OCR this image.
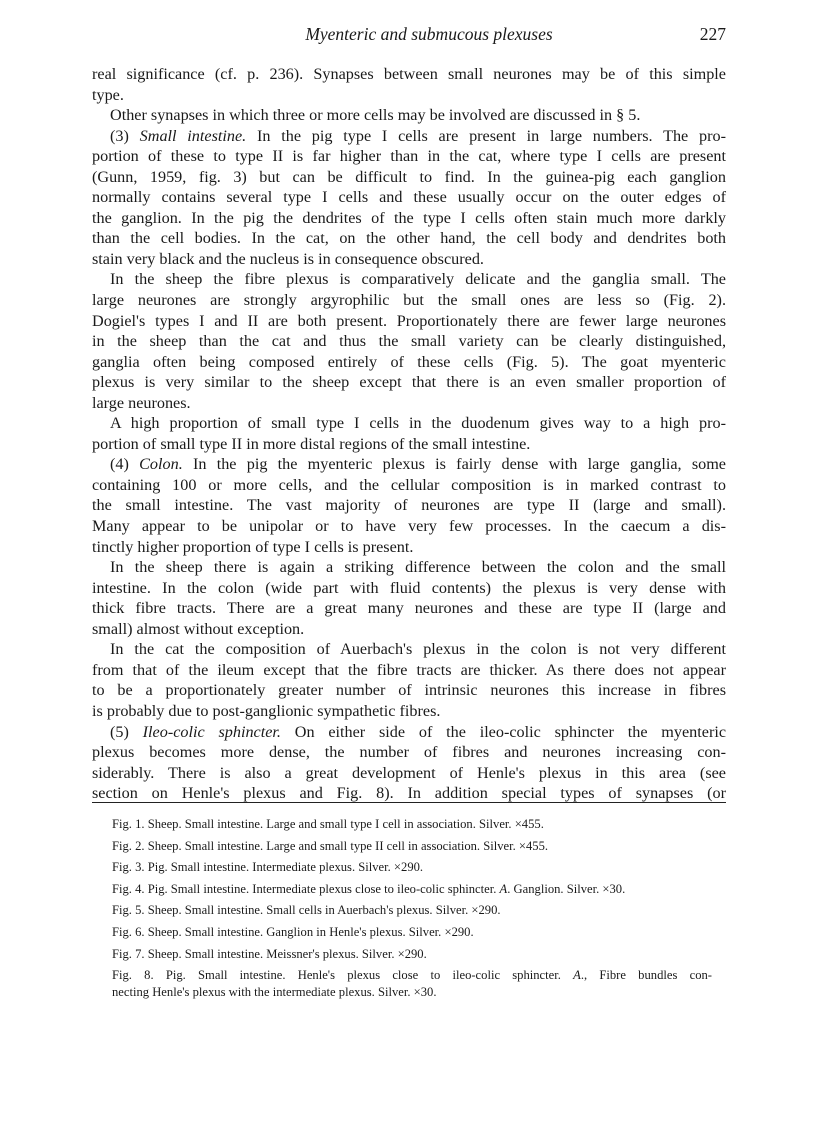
Myenteric and submucous plexuses	227
real significance (cf. p. 236). Synapses between small neurones may be of this simple
type.
Other synapses in which three or more cells may be involved are discussed in § 5.
(3) Small intestine. In the pig type I cells are present in large numbers. The pro-
portion of these to type II is far higher than in the cat, where type I cells are present
(Gunn, 1959, fig. 3) but can be difficult to find. In the guinea-pig each ganglion
normally contains several type I cells and these usually occur on the outer edges of
the ganglion. In the pig the dendrites of the type I cells often stain much more darkly
than the cell bodies. In the cat, on the other hand, the cell body and dendrites both
stain very black and the nucleus is in consequence obscured.
In the sheep the fibre plexus is comparatively delicate and the ganglia small. The
large neurones are strongly argyrophilic but the small ones are less so (Fig. 2).
Dogiel's types I and II are both present. Proportionately there are fewer large neurones
in the sheep than the cat and thus the small variety can be clearly distinguished,
ganglia often being composed entirely of these cells (Fig. 5). The goat myenteric
plexus is very similar to the sheep except that there is an even smaller proportion of
large neurones.
A high proportion of small type I cells in the duodenum gives way to a high pro-
portion of small type II in more distal regions of the small intestine.
(4) Colon. In the pig the myenteric plexus is fairly dense with large ganglia, some
containing 100 or more cells, and the cellular composition is in marked contrast to
the small intestine. The vast majority of neurones are type II (large and small).
Many appear to be unipolar or to have very few processes. In the caecum a dis-
tinctly higher proportion of type I cells is present.
In the sheep there is again a striking difference between the colon and the small
intestine. In the colon (wide part with fluid contents) the plexus is very dense with
thick fibre tracts. There are a great many neurones and these are type II (large and
small) almost without exception.
In the cat the composition of Auerbach's plexus in the colon is not very different
from that of the ileum except that the fibre tracts are thicker. As there does not appear
to be a proportionately greater number of intrinsic neurones this increase in fibres
is probably due to post-ganglionic sympathetic fibres.
(5) Ileo-colic sphincter. On either side of the ileo-colic sphincter the myenteric
plexus becomes more dense, the number of fibres and neurones increasing con-
siderably. There is also a great development of Henle's plexus in this area (see
section on Henle's plexus and Fig. 8). In addition special types of synapses (or
Fig. 1. Sheep. Small intestine. Large and small type I cell in association. Silver. ×455.
Fig. 2. Sheep. Small intestine. Large and small type II cell in association. Silver. ×455.
Fig. 3. Pig. Small intestine. Intermediate plexus. Silver. ×290.
Fig. 4. Pig. Small intestine. Intermediate plexus close to ileo-colic sphincter. A. Ganglion. Silver. ×30.
Fig. 5. Sheep. Small intestine. Small cells in Auerbach's plexus. Silver. ×290.
Fig. 6. Sheep. Small intestine. Ganglion in Henle's plexus. Silver. ×290.
Fig. 7. Sheep. Small intestine. Meissner's plexus. Silver. ×290.
Fig. 8. Pig. Small intestine. Henle's plexus close to ileo-colic sphincter. A., Fibre bundles con-
necting Henle's plexus with the intermediate plexus. Silver. ×30.
